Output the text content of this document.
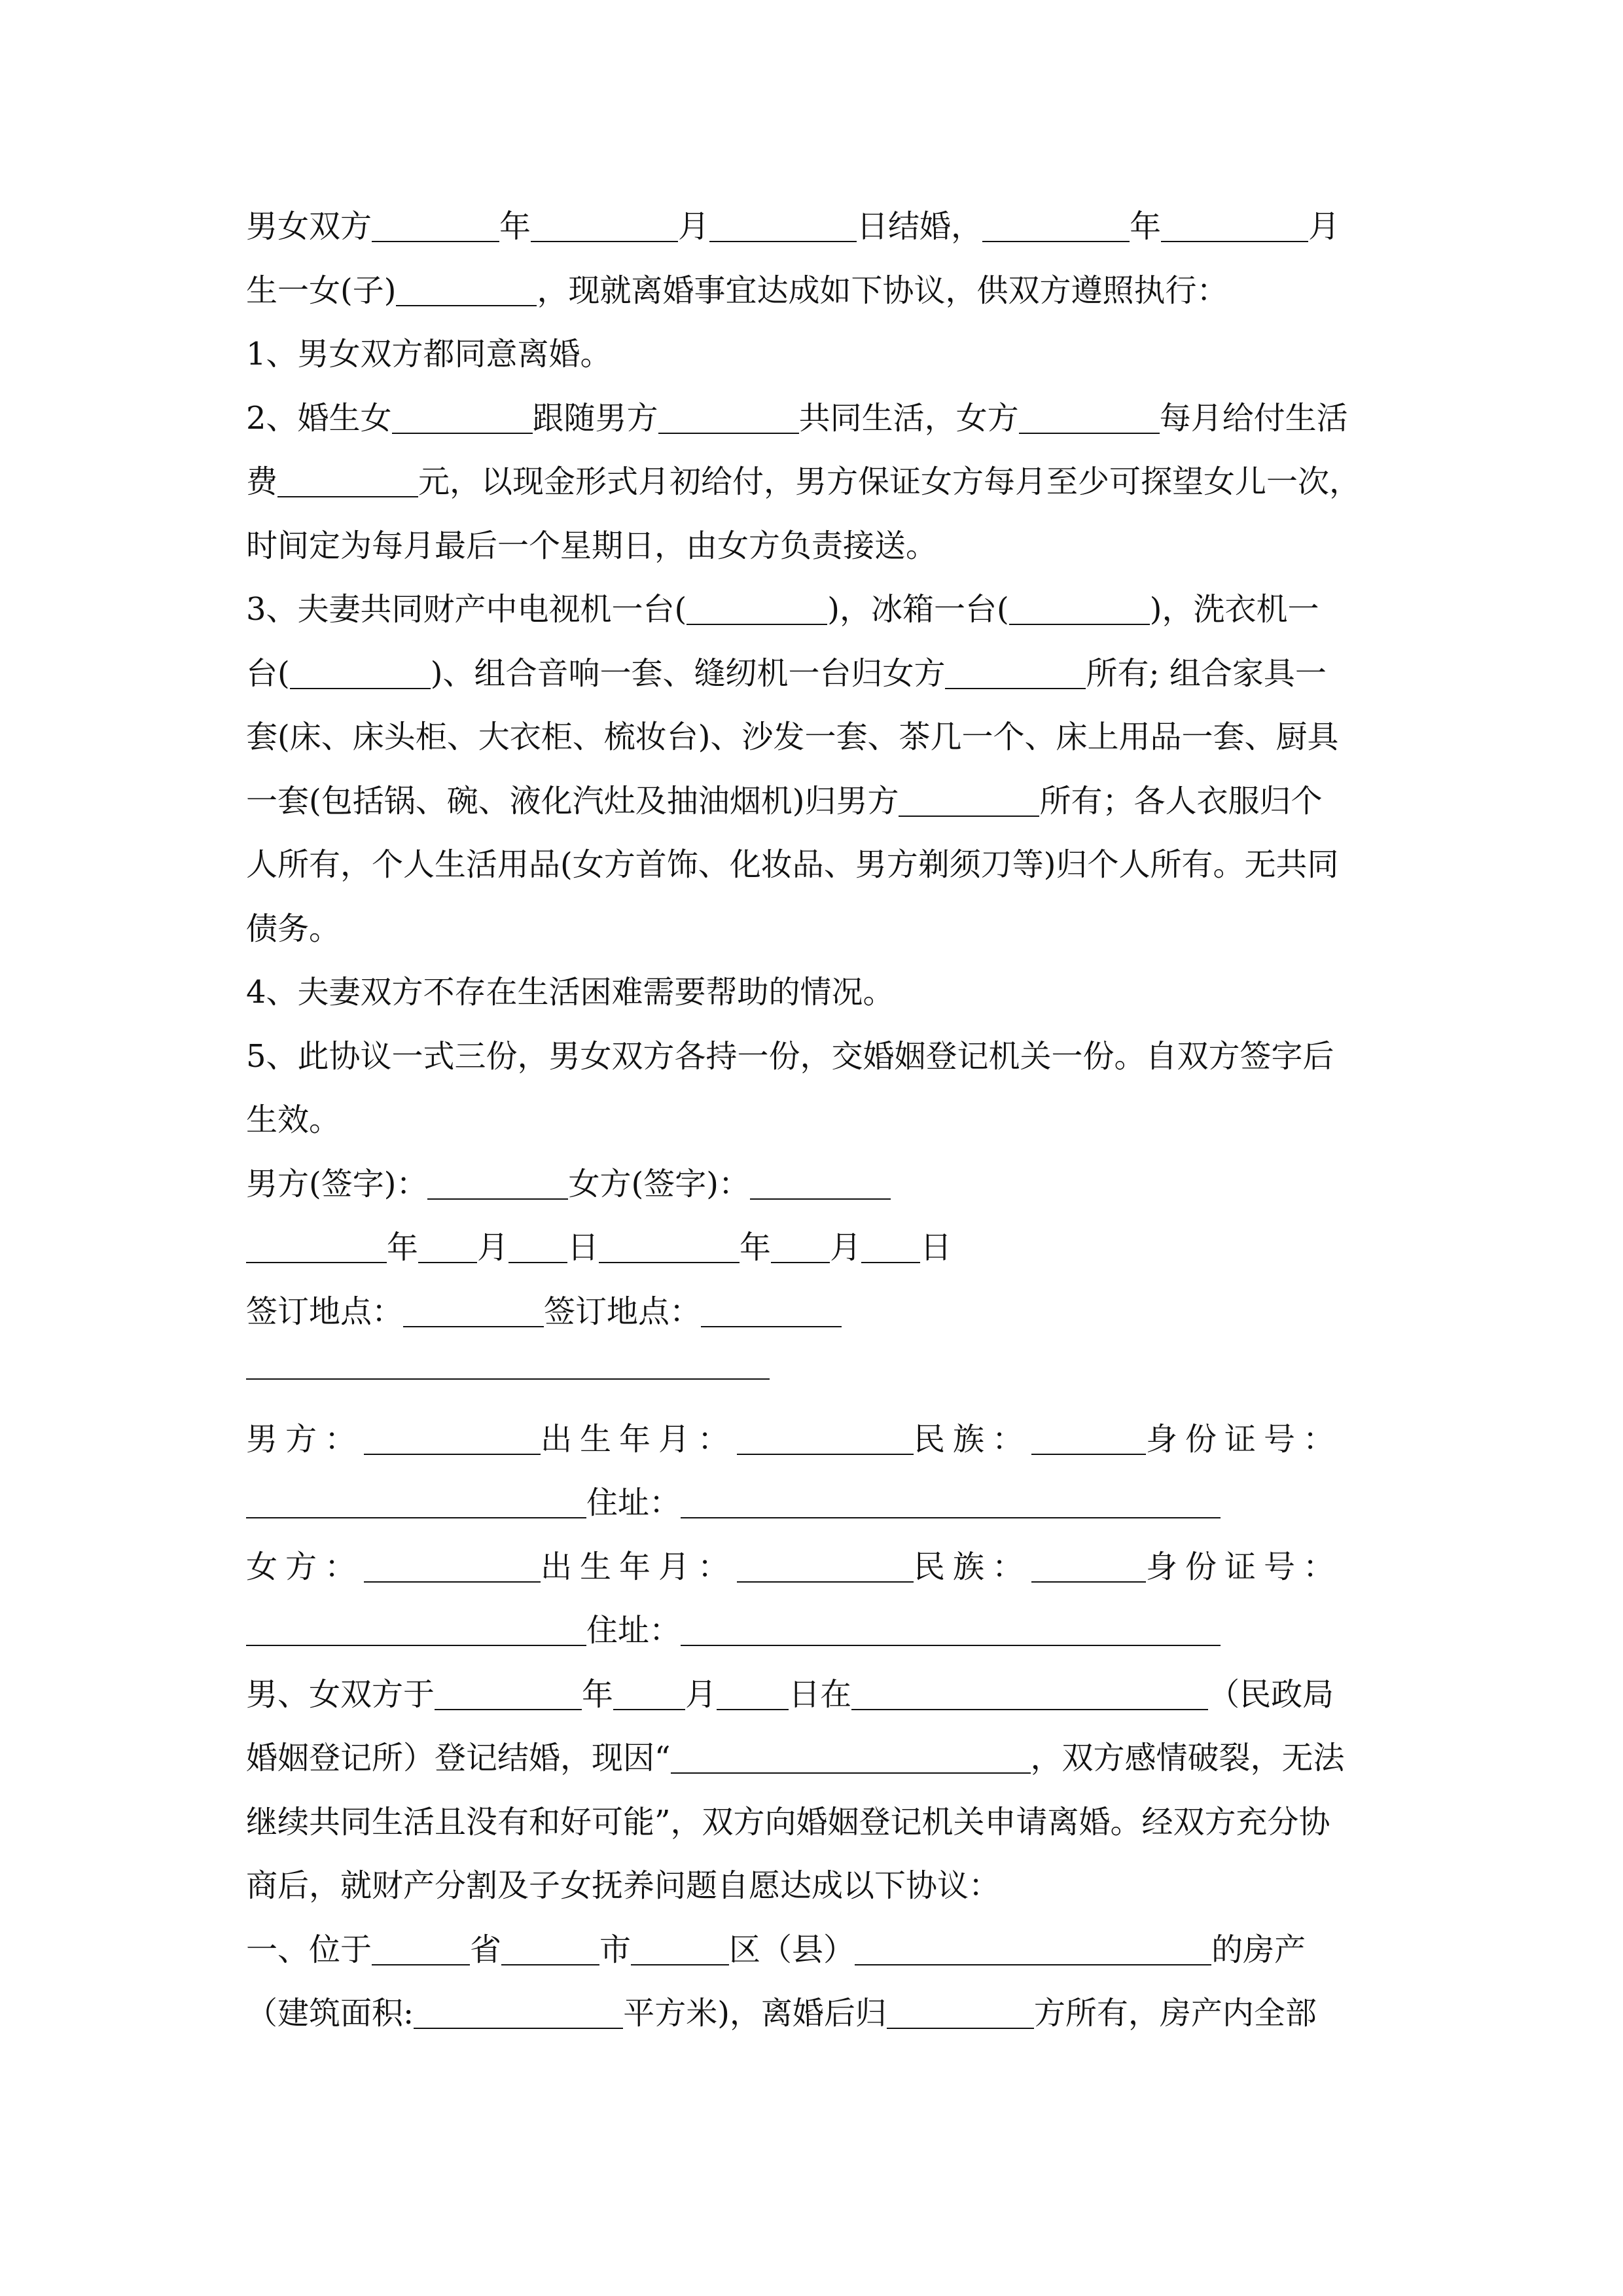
男女双方	年	月	日结婚，	年	月
生一女(子)	，现就离婚事宜达成如下协议，供双方遵照执行：
1、男女双方都同意离婚。
2、婚生女	跟随男方	共同生活，女方	每月给付生活
费	元，以现金形式月初给付，男方保证女方每月至少可探望女儿一次，
时间定为每月最后一个星期日，由女方负责接送。
3、夫妻共同财产中电视机一台(	)，冰箱一台(	)，洗衣机一
台(	)、组合音响一套、缝纫机一台归女方	所有; 组合家具一
套(床、床头柜、大衣柜、梳妆台)、沙发一套、茶几一个、床上用品一套、厨具
一套(包括锅、碗、液化汽灶及抽油烟机)归男方	所有；各人衣服归个
人所有，个人生活用品(女方首饰、化妆品、男方剃须刀等)归个人所有。无共同
债务。
4、夫妻双方不存在生活困难需要帮助的情况。
5、此协议一式三份，男女双方各持一份，交婚姻登记机关一份。自双方签字后
生效。
男方(签字)：	女方(签字)：
年 月 日	年 月 日
签订地点：	签订地点：
男方：	出生年月：	民族：	身份证号：
住址：
女方：	出生年月：	民族：	身份证号：
住址：
男、女双方于	年 月 日在	（民政局
婚姻登记所）登记结婚，现因“	，双方感情破裂，无法
继续共同生活且没有和好可能”，双方向婚姻登记机关申请离婚。经双方充分协
商后，就财产分割及子女抚养问题自愿达成以下协议：
一、位于	省	市	区（县）	的房产
（建筑面积:	平方米)，离婚后归	方所有，房产内全部
